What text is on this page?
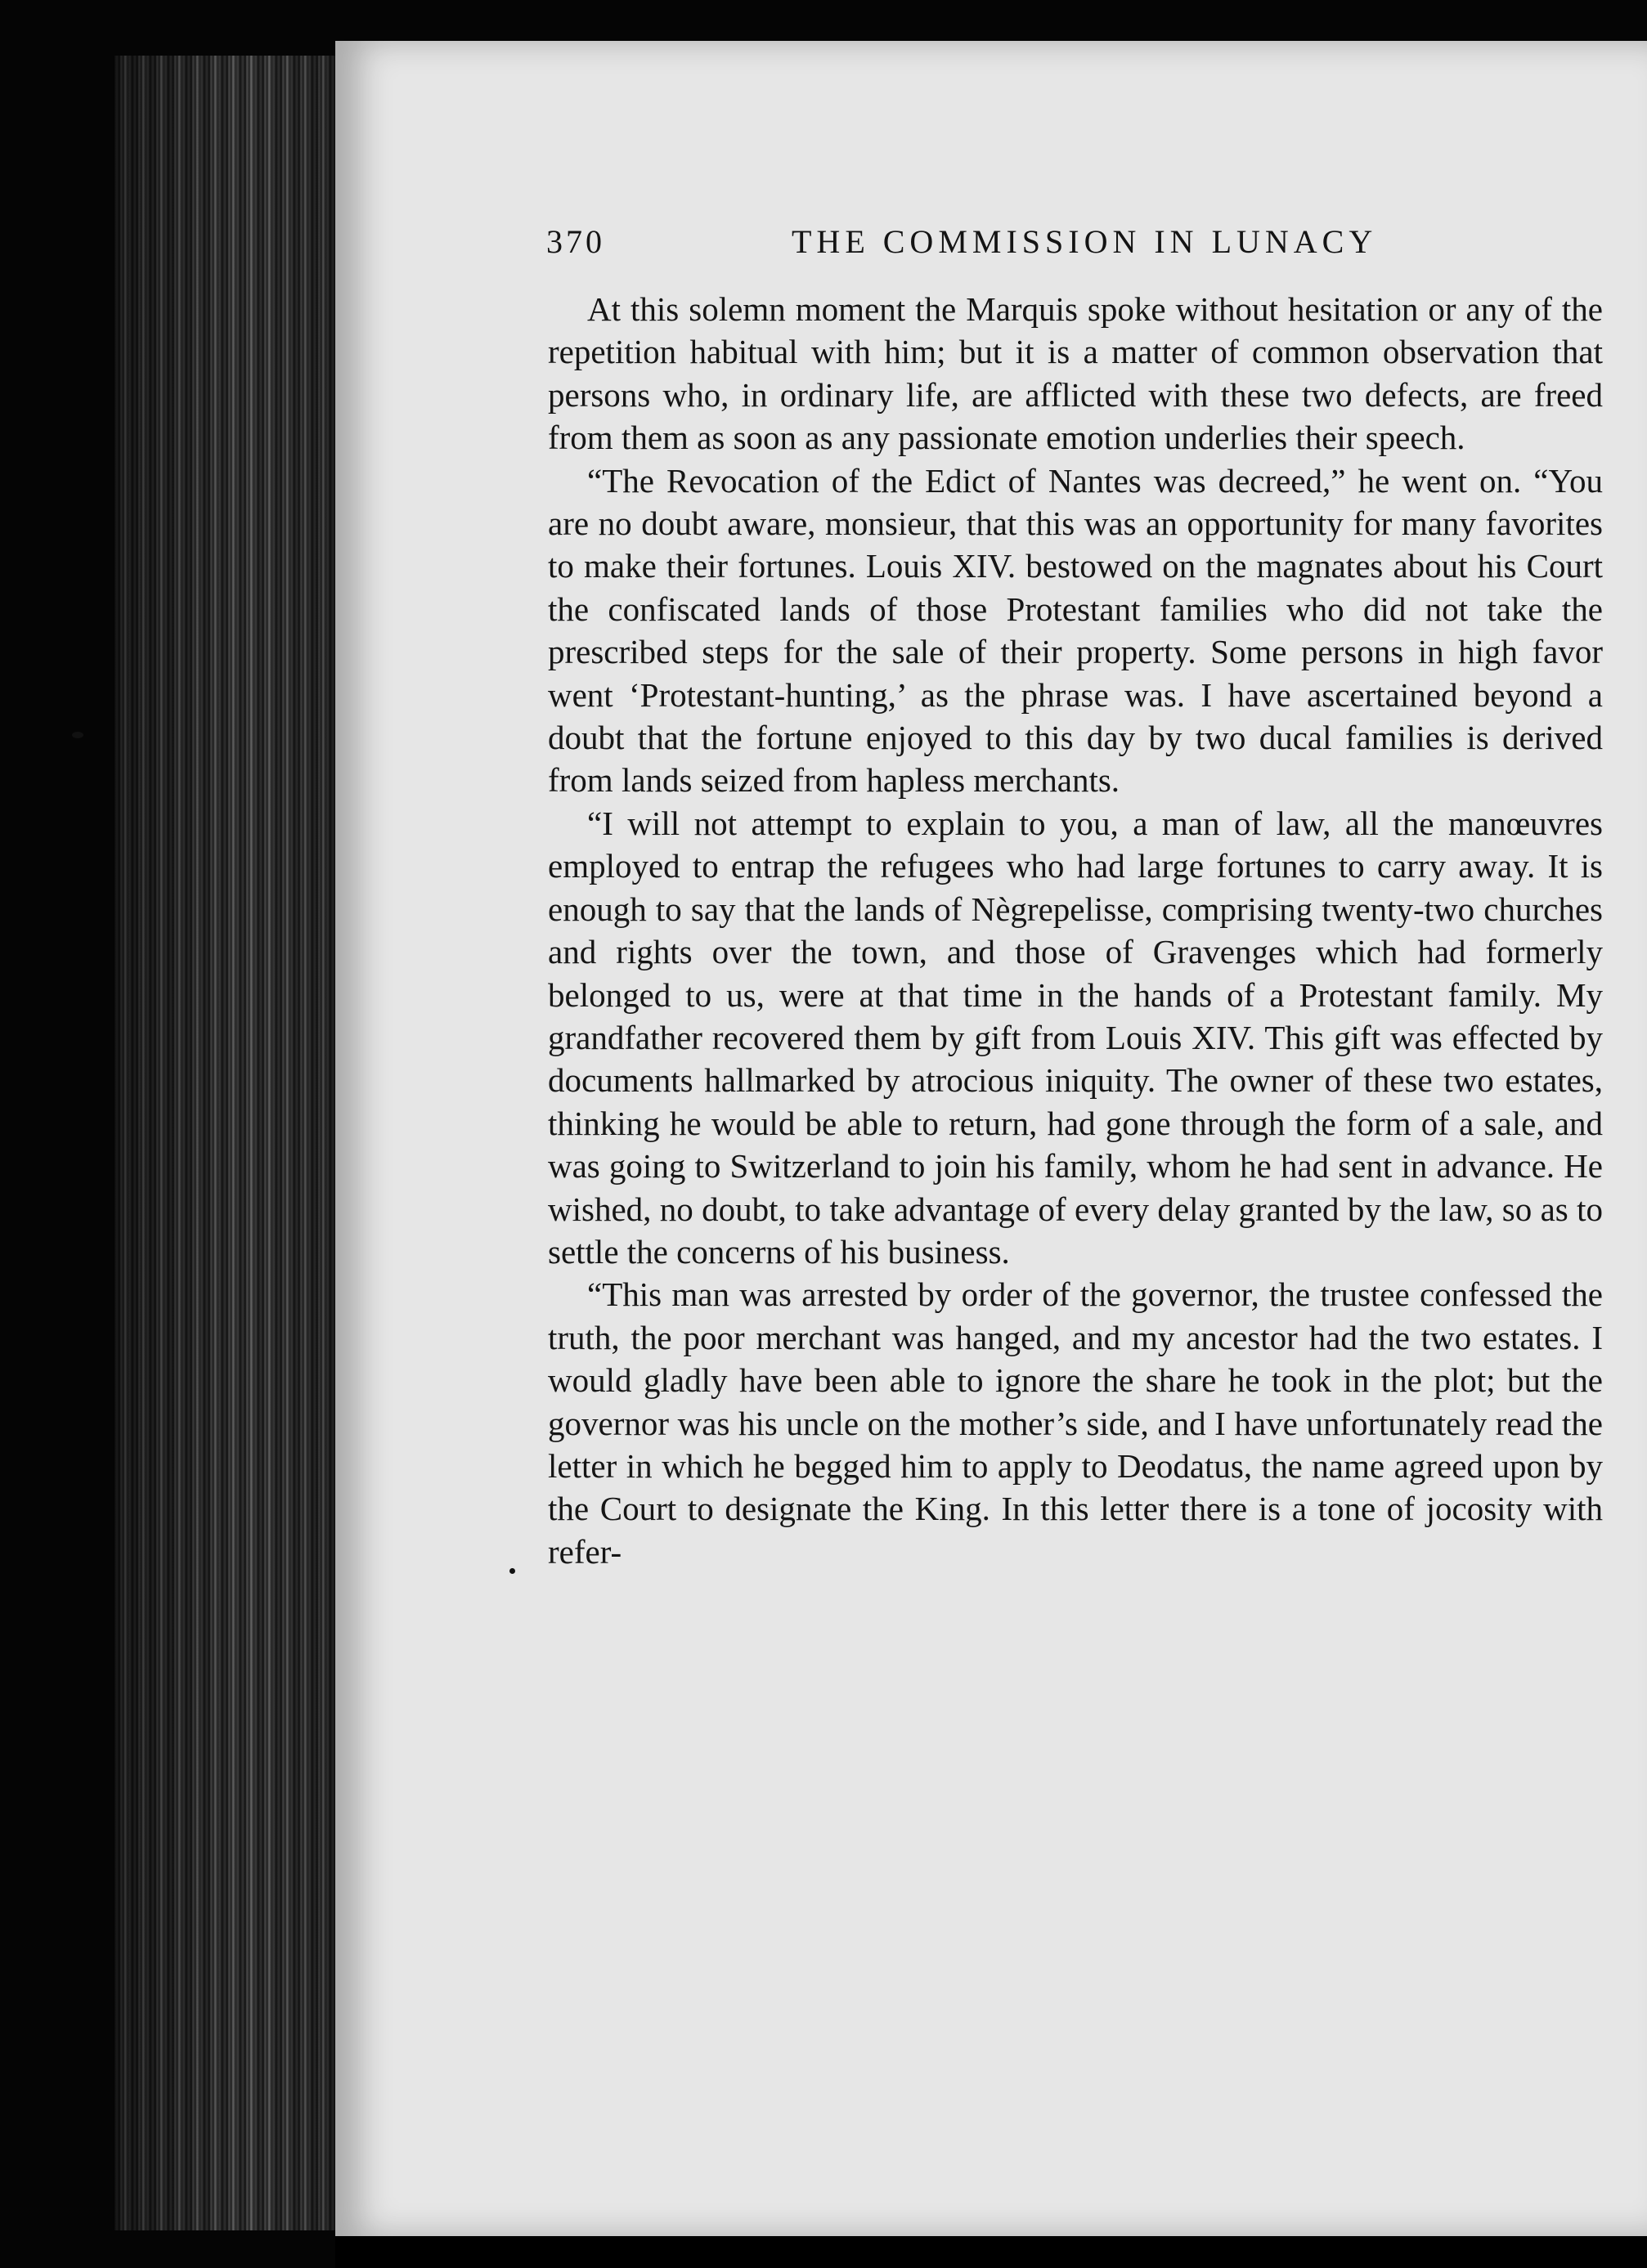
370	THE COMMISSION IN LUNACY

At this solemn moment the Marquis spoke without hesitation or any of the repetition habitual with him; but it is a matter of common observation that persons who, in ordinary life, are afflicted with these two defects, are freed from them as soon as any passionate emotion underlies their speech.

“The Revocation of the Edict of Nantes was decreed,” he went on. “You are no doubt aware, monsieur, that this was an opportunity for many favorites to make their fortunes. Louis XIV. bestowed on the magnates about his Court the confiscated lands of those Protestant families who did not take the prescribed steps for the sale of their property. Some persons in high favor went ‘Protestant-hunting,’ as the phrase was. I have ascertained beyond a doubt that the fortune enjoyed to this day by two ducal families is derived from lands seized from hapless merchants.

“I will not attempt to explain to you, a man of law, all the manœuvres employed to entrap the refugees who had large fortunes to carry away. It is enough to say that the lands of Nègrepelisse, comprising twenty-two churches and rights over the town, and those of Gravenges which had formerly belonged to us, were at that time in the hands of a Protestant family. My grandfather recovered them by gift from Louis XIV. This gift was effected by documents hallmarked by atrocious iniquity. The owner of these two estates, thinking he would be able to return, had gone through the form of a sale, and was going to Switzerland to join his family, whom he had sent in advance. He wished, no doubt, to take advantage of every delay granted by the law, so as to settle the concerns of his business.

“This man was arrested by order of the governor, the trustee confessed the truth, the poor merchant was hanged, and my ancestor had the two estates. I would gladly have been able to ignore the share he took in the plot; but the governor was his uncle on the mother’s side, and I have unfortunately read the letter in which he begged him to apply to Deodatus, the name agreed upon by the Court to designate the King. In this letter there is a tone of jocosity with refer-
